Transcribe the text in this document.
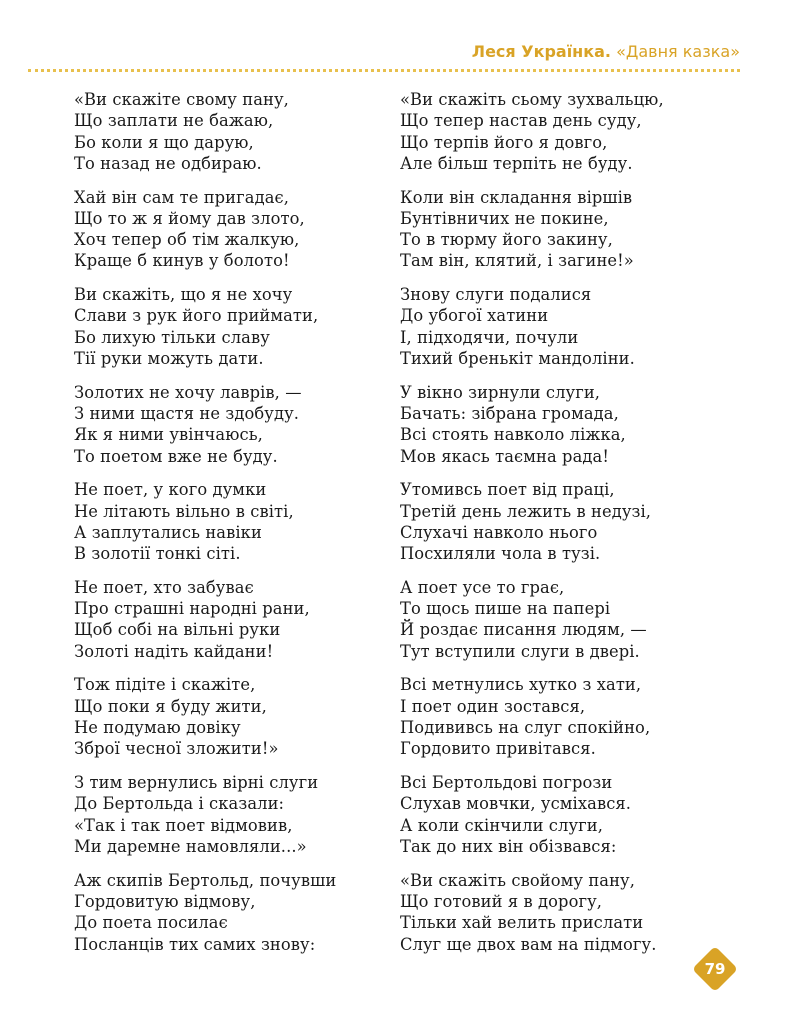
Леся Українка. «Давня казка»
«Ви скажіте свому пану,
Що заплати не бажаю,
Бо коли я що дарую,
То назад не одбираю.
Хай він сам те пригадає,
Що то ж я йому дав злото,
Хоч тепер об тім жалкую,
Краще б кинув у болото!
Ви скажіть, що я не хочу
Слави з рук його приймати,
Бо лихую тільки славу
Тії руки можуть дати.
Золотих не хочу лаврів, —
З ними щастя не здобуду.
Як я ними увінчаюсь,
То поетом вже не буду.
Не поет, у кого думки
Не літають вільно в світі,
А заплутались навіки
В золотії тонкі сіті.
Не поет, хто забуває
Про страшні народні рани,
Щоб собі на вільні руки
Золоті надіть кайдани!
Тож підіте і скажіте,
Що поки я буду жити,
Не подумаю довіку
Зброї чесної зложити!»
З тим вернулись вірні слуги
До Бертольда і сказали:
«Так і так поет відмовив,
Ми даремне намовляли...»
Аж скипів Бертольд, почувши
Гордовитую відмову,
До поета посилає
Посланців тих самих знову:
«Ви скажіть сьому зухвальцю,
Що тепер настав день суду,
Що терпів його я довго,
Але більш терпіть не буду.
Коли він складання віршів
Бунтівничих не покине,
То в тюрму його закину,
Там він, клятий, і загине!»
Знову слуги подалися
До убогої хатини
І, підходячи, почули
Тихий бренькіт мандоліни.
У вікно зирнули слуги,
Бачать: зібрана громада,
Всі стоять навколо ліжка,
Мов якась таємна рада!
Утомивсь поет від праці,
Третій день лежить в недузі,
Слухачі навколо нього
Посхиляли чола в тузі.
А поет усе то грає,
То щось пише на папері
Й роздає писання людям, —
Тут вступили слуги в двері.
Всі метнулись хутко з хати,
І поет один зостався,
Подививсь на слуг спокійно,
Гордовито привітався.
Всі Бертольдові погрози
Слухав мовчки, усміхався.
А коли скінчили слуги,
Так до них він обізвався:
«Ви скажіть свойому пану,
Що готовий я в дорогу,
Тільки хай велить прислати
Слуг ще двох вам на підмогу.
79
